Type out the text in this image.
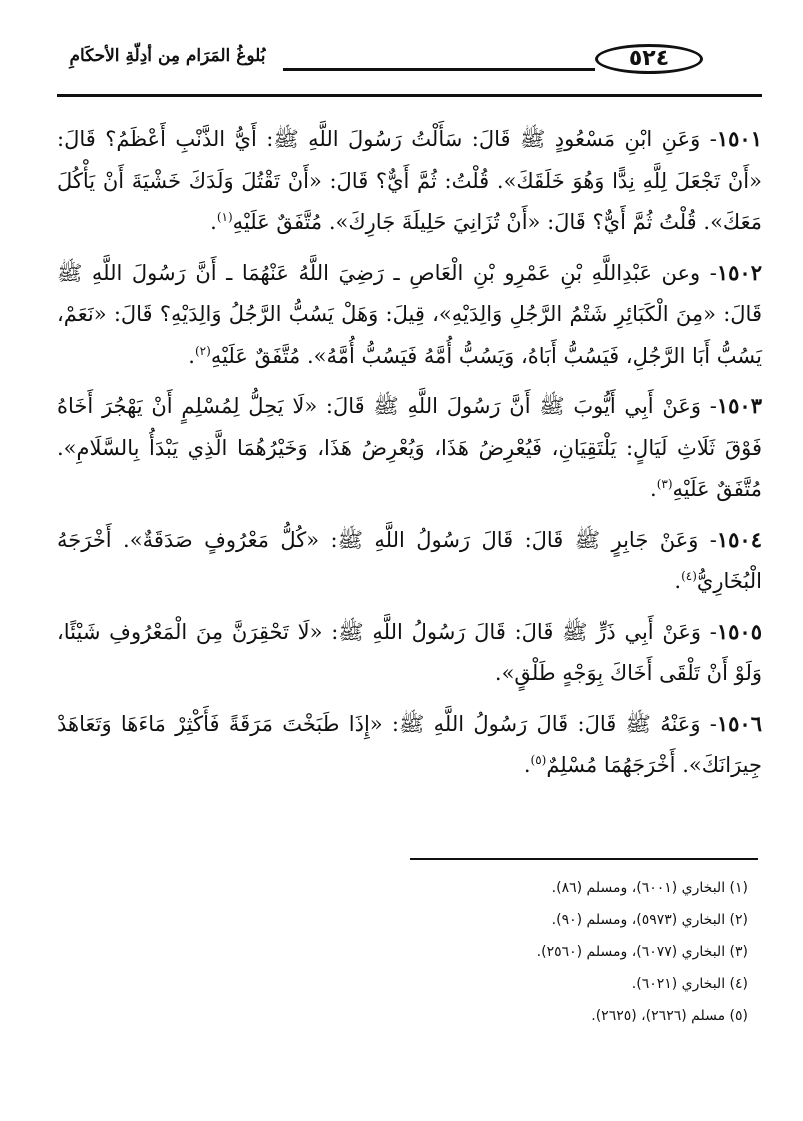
٥٢٤
بُلوغُ المَرَام مِن أدِلّةِ الأحكَامِ

١٥٠١- وَعَنِ ابْنِ مَسْعُودٍ ﷺ قَالَ: سَأَلْتُ رَسُولَ اللَّهِ ﷺ: أَيُّ الذَّنْبِ أَعْظَمُ؟ قَالَ: «أَنْ تَجْعَلَ لِلَّهِ نِدًّا وَهُوَ خَلَقَكَ». قُلْتُ: ثُمَّ أَيٌّ؟ قَالَ: «أَنْ تَقْتُلَ وَلَدَكَ خَشْيَةَ أَنْ يَأْكُلَ مَعَكَ». قُلْتُ ثُمَّ أَيٌّ؟ قَالَ: «أَنْ تُزَانِيَ حَلِيلَةَ جَارِكَ». مُتَّفَقٌ عَلَيْهِ$^{(١)}$.

١٥٠٢- وعن عَبْدِاللَّهِ بْنِ عَمْرِو بْنِ الْعَاصِ ـ رَضِيَ اللَّهُ عَنْهُمَا ـ أَنَّ رَسُولَ اللَّهِ ﷺ قَالَ: «مِنَ الْكَبَائِرِ شَتْمُ الرَّجُلِ وَالِدَيْهِ»، قِيلَ: وَهَلْ يَسُبُّ الرَّجُلُ وَالِدَيْهِ؟ قَالَ: «نَعَمْ، يَسُبُّ أَبَا الرَّجُلِ، فَيَسُبُّ أَبَاهُ، وَيَسُبُّ أُمَّهُ فَيَسُبُّ أُمَّهُ». مُتَّفَقٌ عَلَيْهِ$^{(٢)}$.

١٥٠٣- وَعَنْ أَبِي أَيُّوبَ ﷺ أَنَّ رَسُولَ اللَّهِ ﷺ قَالَ: «لَا يَحِلُّ لِمُسْلِمٍ أَنْ يَهْجُرَ أَخَاهُ فَوْقَ ثَلَاثِ لَيَالٍ: يَلْتَقِيَانِ، فَيُعْرِضُ هَذَا، وَيُعْرِضُ هَذَا، وَخَيْرُهُمَا الَّذِي يَبْدَأُ بِالسَّلَامِ». مُتَّفَقٌ عَلَيْهِ$^{(٣)}$.

١٥٠٤- وَعَنْ جَابِرٍ ﷺ قَالَ: قَالَ رَسُولُ اللَّهِ ﷺ: «كُلُّ مَعْرُوفٍ صَدَقَةٌ». أَخْرَجَهُ الْبُخَارِيُّ$^{(٤)}$.

١٥٠٥- وَعَنْ أَبِي ذَرٍّ ﷺ قَالَ: قَالَ رَسُولُ اللَّهِ ﷺ: «لَا تَحْقِرَنَّ مِنَ الْمَعْرُوفِ شَيْئًا، وَلَوْ أَنْ تَلْقَى أَخَاكَ بِوَجْهٍ طَلْقٍ».

١٥٠٦- وَعَنْهُ ﷺ قَالَ: قَالَ رَسُولُ اللَّهِ ﷺ: «إِذَا طَبَخْتَ مَرَقَةً فَأَكْثِرْ مَاءَهَا وَتَعَاهَدْ جِيرَانَكَ». أَخْرَجَهُمَا مُسْلِمٌ$^{(٥)}$.

(١) البخاري (٦٠٠١)، ومسلم (٨٦).
(٢) البخاري (٥٩٧٣)، ومسلم (٩٠).
(٣) البخاري (٦٠٧٧)، ومسلم (٢٥٦٠).
(٤) البخاري (٦٠٢١).
(٥) مسلم (٢٦٢٦)، (٢٦٢٥).
